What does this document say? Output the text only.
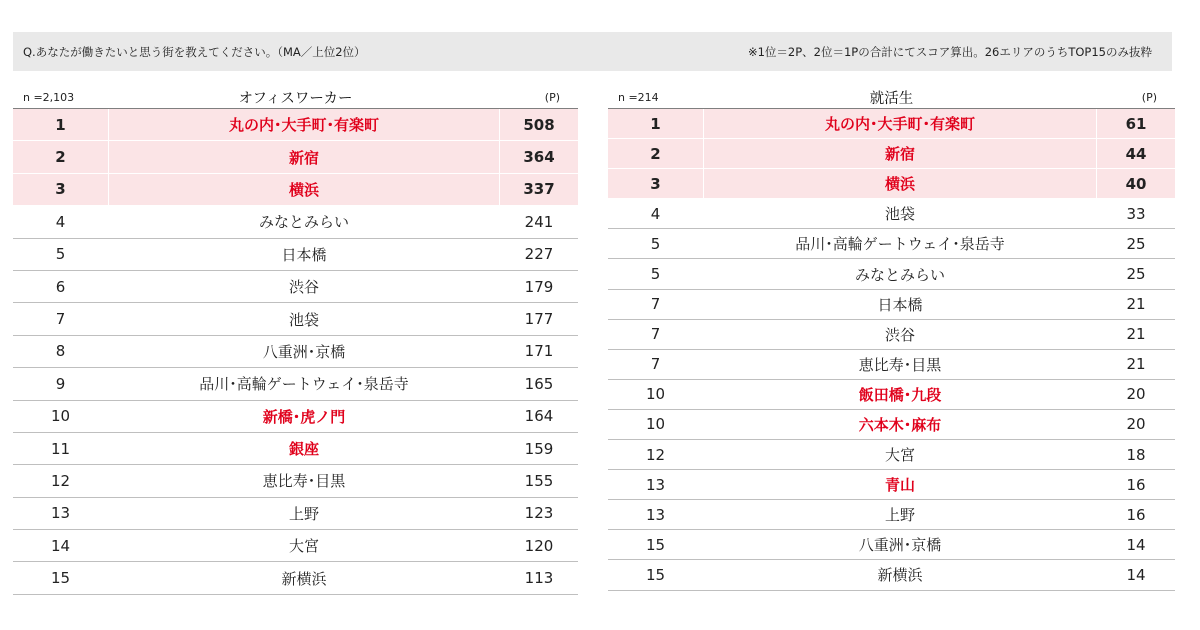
Q.あなたが働きたいと思う街を教えてください。（MA／上位2位）	※1位＝2P、2位＝1Pの合計にてスコア算出。26エリアのうちTOP15のみ抜粋
n =2,103	オフィスワーカー	(P)
1	丸の内･大手町･有楽町	508
2	新宿	364
3	横浜	337
4	みなとみらい	241
5	日本橋	227
6	渋谷	179
7	池袋	177
8	八重洲･京橋	171
9	品川･高輪ゲートウェイ･泉岳寺	165
10	新橋･虎ノ門	164
11	銀座	159
12	恵比寿･目黒	155
13	上野	123
14	大宮	120
15	新横浜	113
n =214	就活生	(P)
1	丸の内･大手町･有楽町	61
2	新宿	44
3	横浜	40
4	池袋	33
5	品川･高輪ゲートウェイ･泉岳寺	25
5	みなとみらい	25
7	日本橋	21
7	渋谷	21
7	恵比寿･目黒	21
10	飯田橋･九段	20
10	六本木･麻布	20
12	大宮	18
13	青山	16
13	上野	16
15	八重洲･京橋	14
15	新横浜	14
